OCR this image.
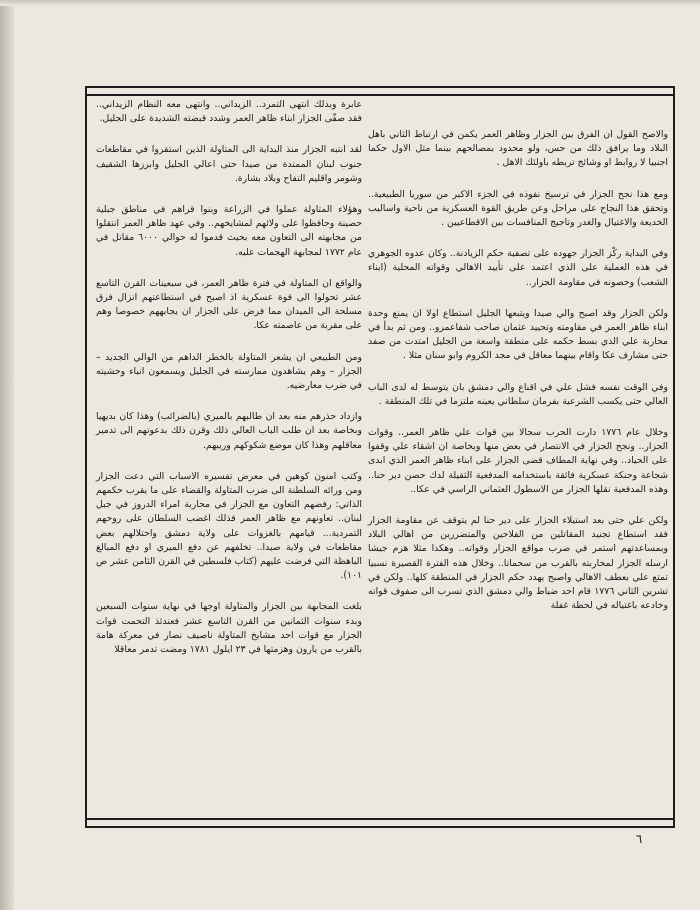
والاصح القول ان الفرق بين الجزار وظاهر العمر يكمن في ارتباط الثاني باهل البلاد وما يرافق ذلك من حس، ولو محدود بمصالحهم بينما مثل الاول حكما اجنبيا لا روابط او وشائج تربطه باولئك الاهل .

ومع هذا نجح الجزار في ترسيخ نفوذه في الجزء الاكبر من سوريا الطبيعية.. وتحقق هذا النجاح على مراحل وعن طريق القوة العسكرية من ناحية واساليب الخديعة والاغتيال والغدر وتاجيج المنافسات بين الاقطاعيين .

وفي البداية ركّز الجزار جهوده على تصفية حكم الزيادنة.. وكان عدوه الجوهري في هذه العملية على الذي اعتمد على تأييد الاهالي وقواته المحلية (ابناء الشعب) وحصونه في مقاومة الجزار..

ولكن الجزار وقد اصبح والي صيدا ويتبعها الجليل استطاع اولا ان يمنع وحدة ابناء ظاهر العمر في مقاومته وتحييد عثمان صاحب شفاعمرو.. ومن ثم بدأ في محاربة علي الذي بسط حكمه على منطقة واسعة من الجليل امتدت من صفد حتى مشارف عكا واقام بينهما معاقل في مجد الكروم وابو سنان مثلا .

وفي الوقت نفسه فشل علي في اقناع والي دمشق بان يتوسط له لدى الباب العالي حتى يكسب الشرعية بفرمان سلطاني يعينه ملتزما في تلك المنطقة .

وخلال عام ١٧٧٦ دارت الحرب سجالا بين قوات علي ظاهر العمر.. وقوات الجزار.. ونجح الجزار في الانتصار في بعض منها وبخاصة ان اشقاء علي وقفوا على الحياد.. وفي نهاية المطاف قضى الجزار على ابناء ظاهر العمر الذي ابدى شجاعة وحنكة عسكرية فائقة باستخدامه المدفعية الثقيلة لدك حصن دير حنا.. وهذه المدفعية نقلها الجزار من الاسطول العثماني الراسي في عكا..

ولكن علي حتى بعد استيلاء الجزار على دير حنا لم يتوقف عن مقاومة الجزار فقد استطاع تجنيد المقاتلين من الفلاحين والمتضررين من اهالي البلاد وبمساعدتهم استمر في ضرب مواقع الجزار وقواته.. وهكذا مثلا هزم جيشا ارسله الجزار لمحاربته بالقرب من سحماتا.. وخلال هذه الفترة القصيرة نسبيا تمتع علي بعطف الاهالي واصبح يهدد حكم الجزار في المنطقة كلها.. ولكن في تشرين الثاني ١٧٧٦ قام احد ضباط والي دمشق الذي تسرب الى صفوف قواته وخادعه باغتياله في لحظة غفلة

عابرة وبذلك انتهى التمرد.. الزيداني.. وانتهى معه النظام الزيداني.. فقد صفّى الجزار ابناء ظاهر العمر وشدد قبضته الشديدة على الجليل.

لقد انتبه الجزار منذ البداية الى المتاولة الذين استقروا في مقاطعات جنوب لبنان الممتدة من صيدا حتى اعالي الجليل وابرزها الشقيف وشومر واقليم التفاح وبلاد بشارة.

وهؤلاء المتاولة عملوا في الزراعة وبنوا قراهم في مناطق جبلية حصينة وحافظوا على ولائهم لمشايخهم.. وفي عهد ظاهر العمر انتقلوا من مجابهته الى التعاون معه بحيث قدموا له حوالي ٦٠٠٠ مقاتل في عام ١٧٧٢ لمجابهة الهجمات عليه.

والواقع ان المتاولة في فترة ظاهر العمر، في سبعينات القرن التاسع عشر تحولوا الى قوة عسكرية اذ اصبح في استطاعتهم انزال فرق مسلحة الى الميدان مما فرض على الجزار ان يجابههم خصوصا وهم على مقربة من عاصمته عكا.

ومن الطبيعي ان يشعر المتاولة بالخطر الداهم من الوالي الجديد – الجزار – وهم يشاهدون ممارسته في الجليل ويسمعون انباء وحشيته في ضرب معارضيه.

وازداد حذرهم منه بعد ان طالبهم بالميري (بالضرائب) وهذا كان بديهيا وبخاصة بعد ان طلب الباب العالي ذلك وقرن ذلك بدعوتهم الى تدمير معاقلهم وهذا كان موضع شكوكهم وريبهم.

وكتب امنون كوهين في معرض تفسيره الاسباب التي دعت الجزار ومن ورائه السلطنة الى ضرب المتاولة والقضاء على ما يقرب حكمهم الذاتي: رفضهم التعاون مع الجزار في محاربة امراء الدروز في جبل لبنان.. تعاونهم مع ظاهر العمر فذلك اغضب السلطان على روحهم التمردية... قيامهم بالغزوات على ولاية دمشق واحتلالهم بعض مقاطعات في ولاية صيدا.. تخلفهم عن دفع الميري او دفع المبالغ الباهظة التي فرضت عليهم (كتاب فلسطين في القرن الثامن عشر ص ١٠١).

بلغت المجابهة بين الجزار والمتاولة اوجها في نهاية سنوات السبعين وبدء سنوات الثمانين من القرن التاسع عشر فعندئذ التحمت قوات الجزار مع قوات احد مشايخ المتاولة ناصيف نصار في معركة هامة بالقرب من يارون وهزمتها في ٢٣ ايلول ١٧٨١ ومضت تدمر معاقلا

٦
